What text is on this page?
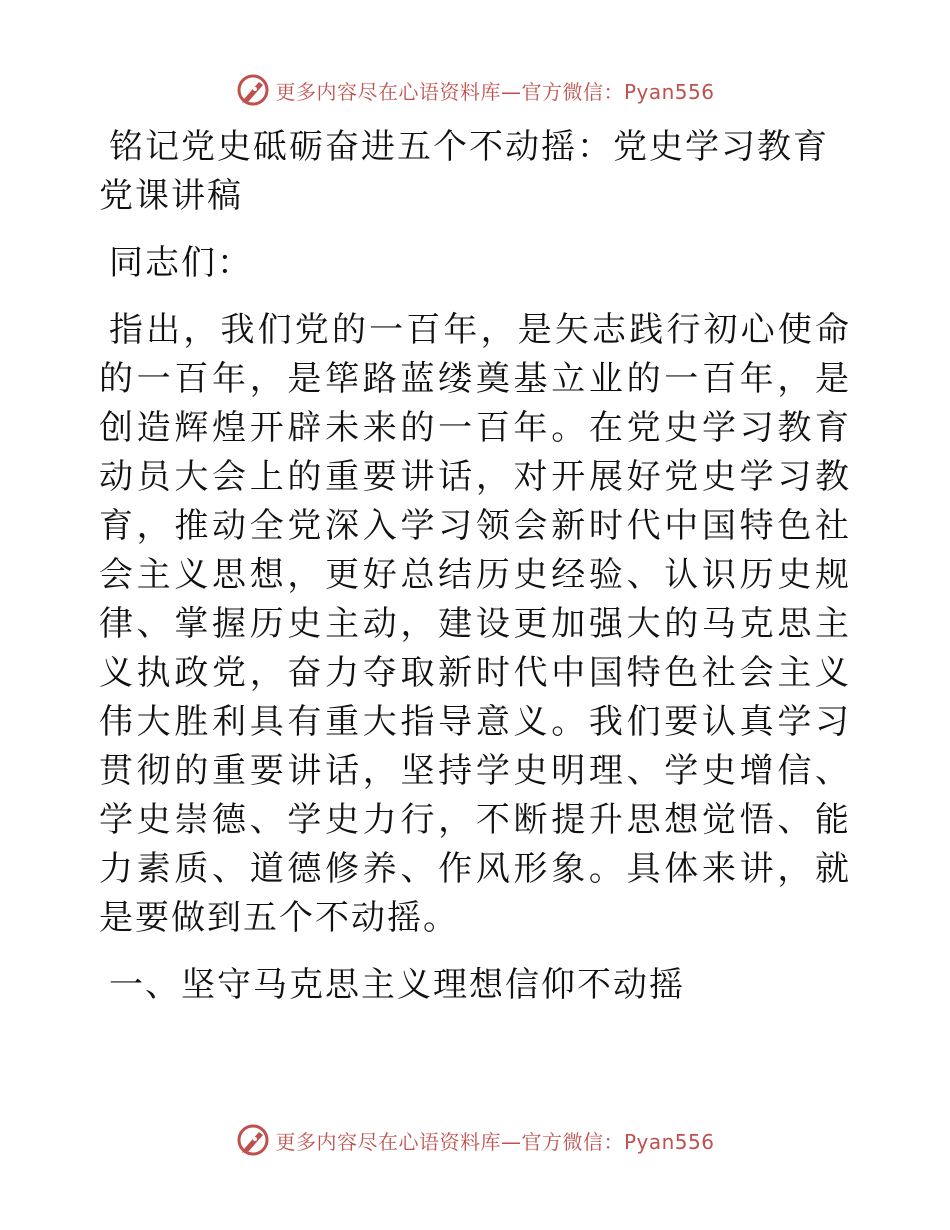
更多内容尽在心语资料库—官方微信：Pyan556

铭记党史砥砺奋进五个不动摇：党史学习教育党课讲稿

同志们：

指出，我们党的一百年，是矢志践行初心使命的一百年，是筚路蓝缕奠基立业的一百年，是创造辉煌开辟未来的一百年。在党史学习教育动员大会上的重要讲话，对开展好党史学习教育，推动全党深入学习领会新时代中国特色社会主义思想，更好总结历史经验、认识历史规律、掌握历史主动，建设更加强大的马克思主义执政党，奋力夺取新时代中国特色社会主义伟大胜利具有重大指导意义。我们要认真学习贯彻的重要讲话，坚持学史明理、学史增信、学史崇德、学史力行，不断提升思想觉悟、能力素质、道德修养、作风形象。具体来讲，就是要做到五个不动摇。

一、坚守马克思主义理想信仰不动摇

更多内容尽在心语资料库—官方微信：Pyan556
